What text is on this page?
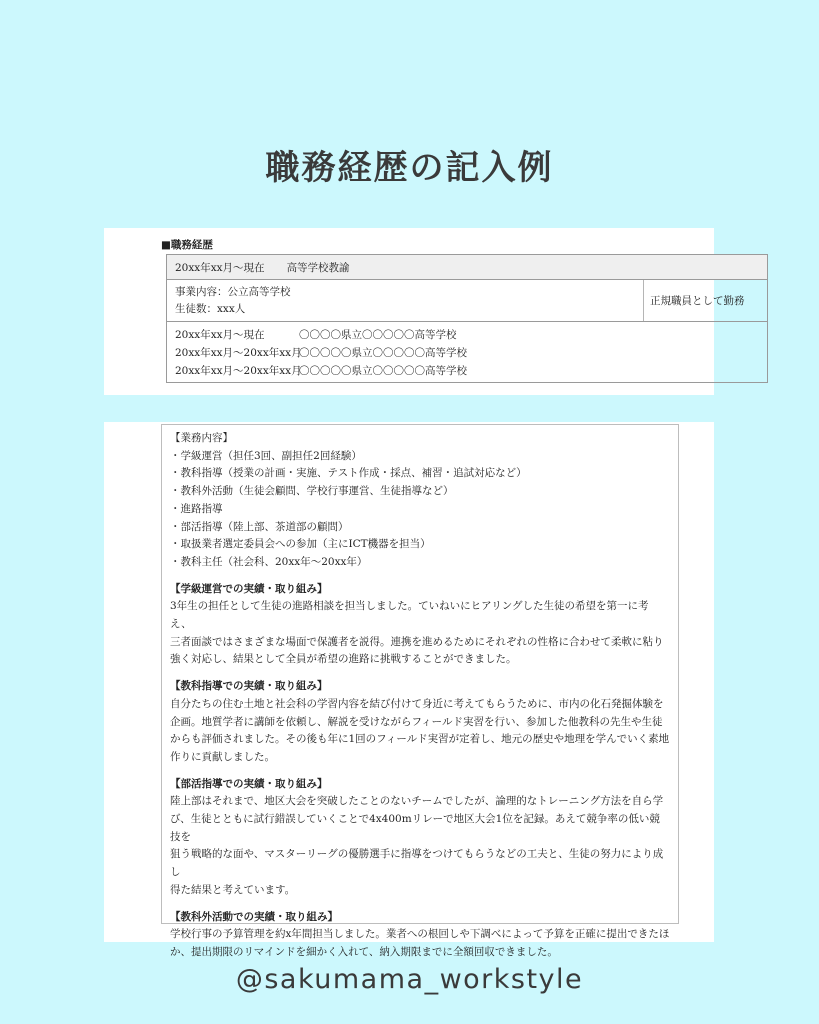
職務経歴の記入例
■職務経歴
20xx年xx月～現在 高等学校教諭
事業内容：公立高等学校
生徒数：xxx人
正規職員として勤務
20xx年xx月～現在	〇〇〇〇県立〇〇〇〇〇高等学校
20xx年xx月～20xx年xx月
〇〇〇〇〇県立〇〇〇〇〇高等学校
20xx年xx月～20xx年xx月
〇〇〇〇〇県立〇〇〇〇〇高等学校

【業務内容】

・学級運営（担任3回、副担任2回経験）
・教科指導（授業の計画・実施、テスト作成・採点、補習・追試対応など）
・教科外活動（生徒会顧問、学校行事運営、生徒指導など）
・進路指導
・部活指導（陸上部、茶道部の顧問）
・取扱業者選定委員会への参加（主にICT機器を担当）
・教科主任（社会科、20xx年～20xx年）

【学級運営での実績・取り組み】

3年生の担任として生徒の進路相談を担当しました。ていねいにヒアリングした生徒の希望を第一に考え、

三者面談ではさまざまな場面で保護者を説得。連携を進めるためにそれぞれの性格に合わせて柔軟に粘り

強く対応し、結果として全員が希望の進路に挑戦することができました。

【教科指導での実績・取り組み】

自分たちの住む土地と社会科の学習内容を結び付けて身近に考えてもらうために、市内の化石発掘体験を

企画。地質学者に講師を依頼し、解説を受けながらフィールド実習を行い、参加した他教科の先生や生徒

からも評価されました。その後も年に1回のフィールド実習が定着し、地元の歴史や地理を学んでいく素地

作りに貢献しました。

【部活指導での実績・取り組み】

陸上部はそれまで、地区大会を突破したことのないチームでしたが、論理的なトレーニング方法を自ら学

び、生徒とともに試行錯誤していくことで4x400mリレーで地区大会1位を記録。あえて競争率の低い競技を

狙う戦略的な面や、マスターリーグの優勝選手に指導をつけてもらうなどの工夫と、生徒の努力により成し

得た結果と考えています。

【教科外活動での実績・取り組み】

学校行事の予算管理を約x年間担当しました。業者への根回しや下調べによって予算を正確に提出できたほ

か、提出期限のリマインドを細かく入れて、納入期限までに全額回収できました。

@sakumama_workstyle
